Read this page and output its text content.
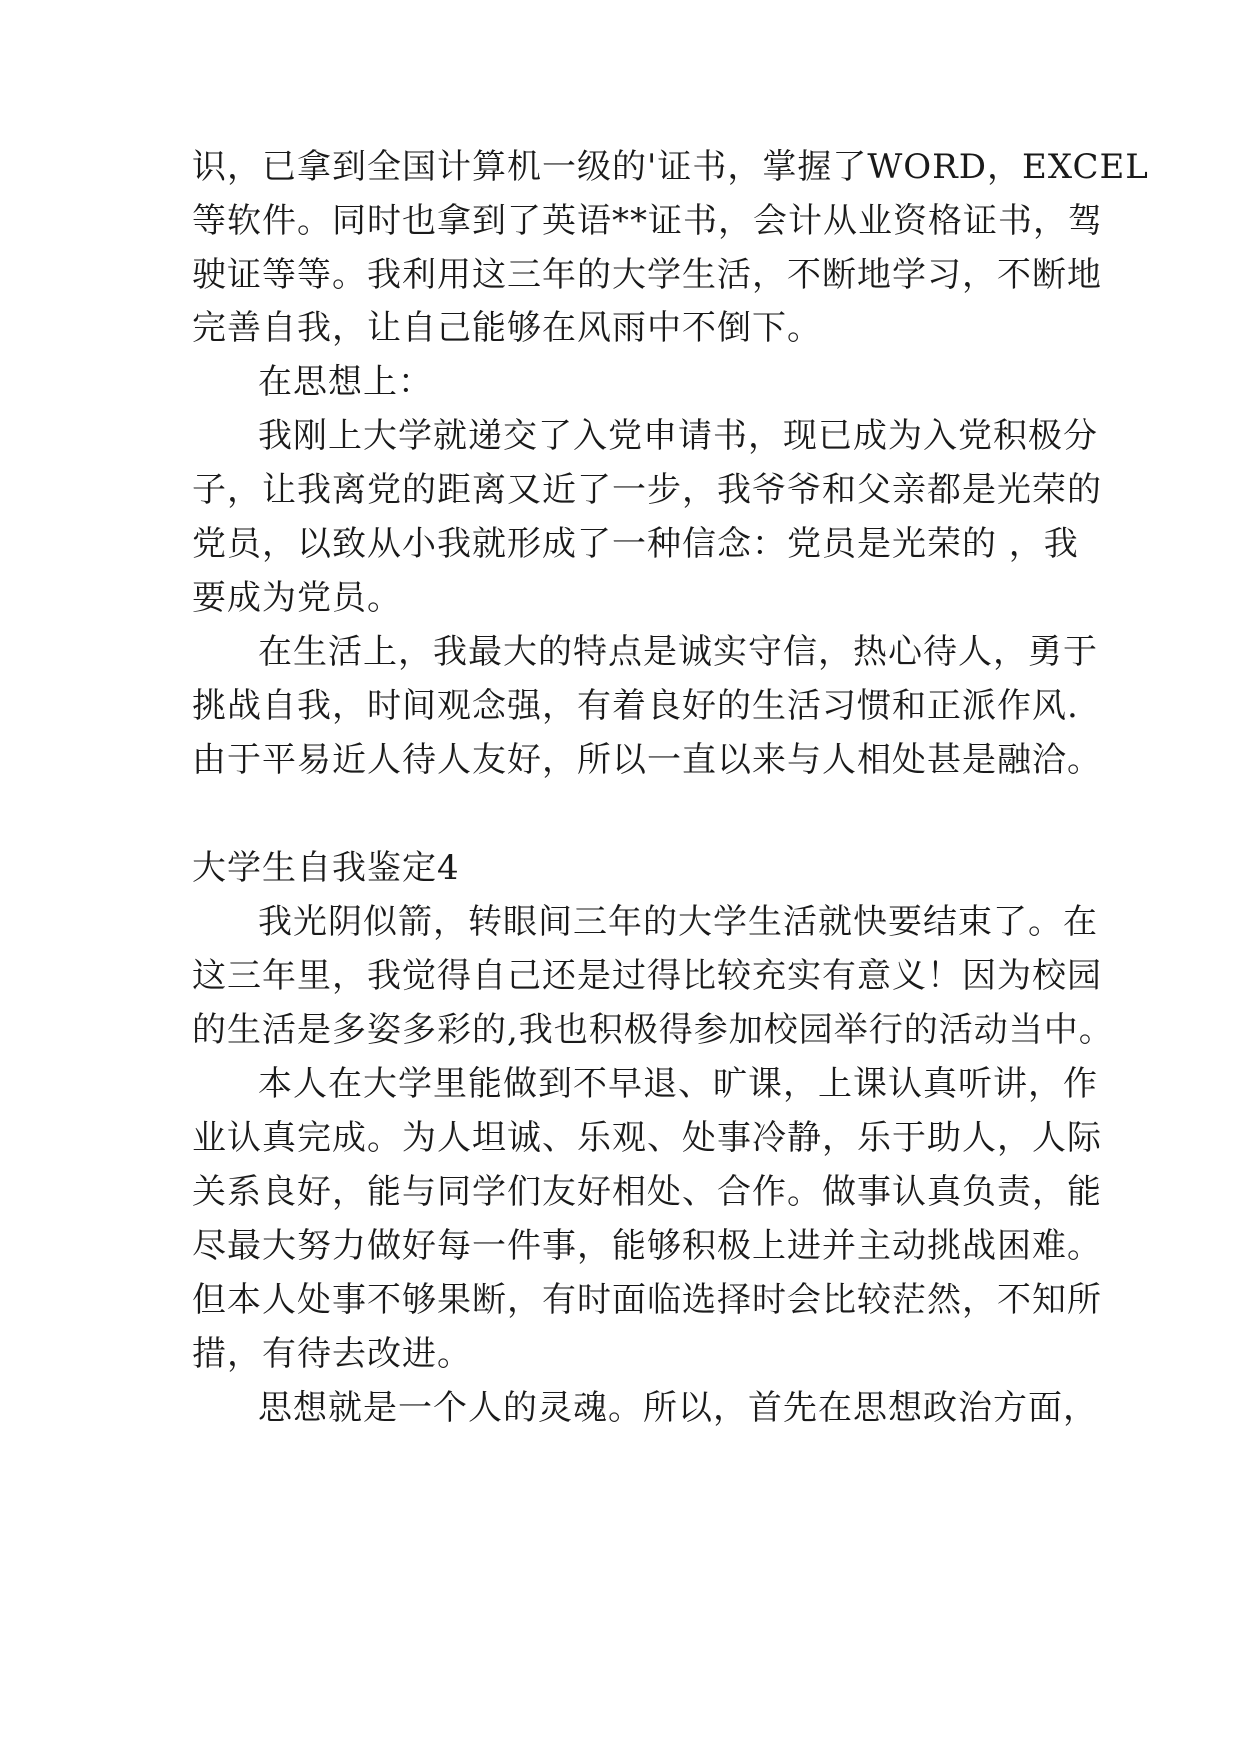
识，已拿到全国计算机一级的'证书，掌握了WORD，EXCEL
等软件。同时也拿到了英语**证书，会计从业资格证书，驾
驶证等等。我利用这三年的大学生活，不断地学习，不断地
完善自我，让自己能够在风雨中不倒下。
在思想上：
我刚上大学就递交了入党申请书，现已成为入党积极分
子，让我离党的距离又近了一步，我爷爷和父亲都是光荣的
党员，以致从小我就形成了一种信念：党员是光荣的 ，我
要成为党员。
在生活上，我最大的特点是诚实守信，热心待人，勇于
挑战自我，时间观念强，有着良好的生活习惯和正派作风.
由于平易近人待人友好，所以一直以来与人相处甚是融洽。
大学生自我鉴定4
我光阴似箭，转眼间三年的大学生活就快要结束了。在
这三年里，我觉得自己还是过得比较充实有意义！因为校园
的生活是多姿多彩的,我也积极得参加校园举行的活动当中。
本人在大学里能做到不早退、旷课，上课认真听讲，作
业认真完成。为人坦诚、乐观、处事冷静，乐于助人，人际
关系良好，能与同学们友好相处、合作。做事认真负责，能
尽最大努力做好每一件事，能够积极上进并主动挑战困难。
但本人处事不够果断，有时面临选择时会比较茫然，不知所
措，有待去改进。
思想就是一个人的灵魂。所以，首先在思想政治方面，
